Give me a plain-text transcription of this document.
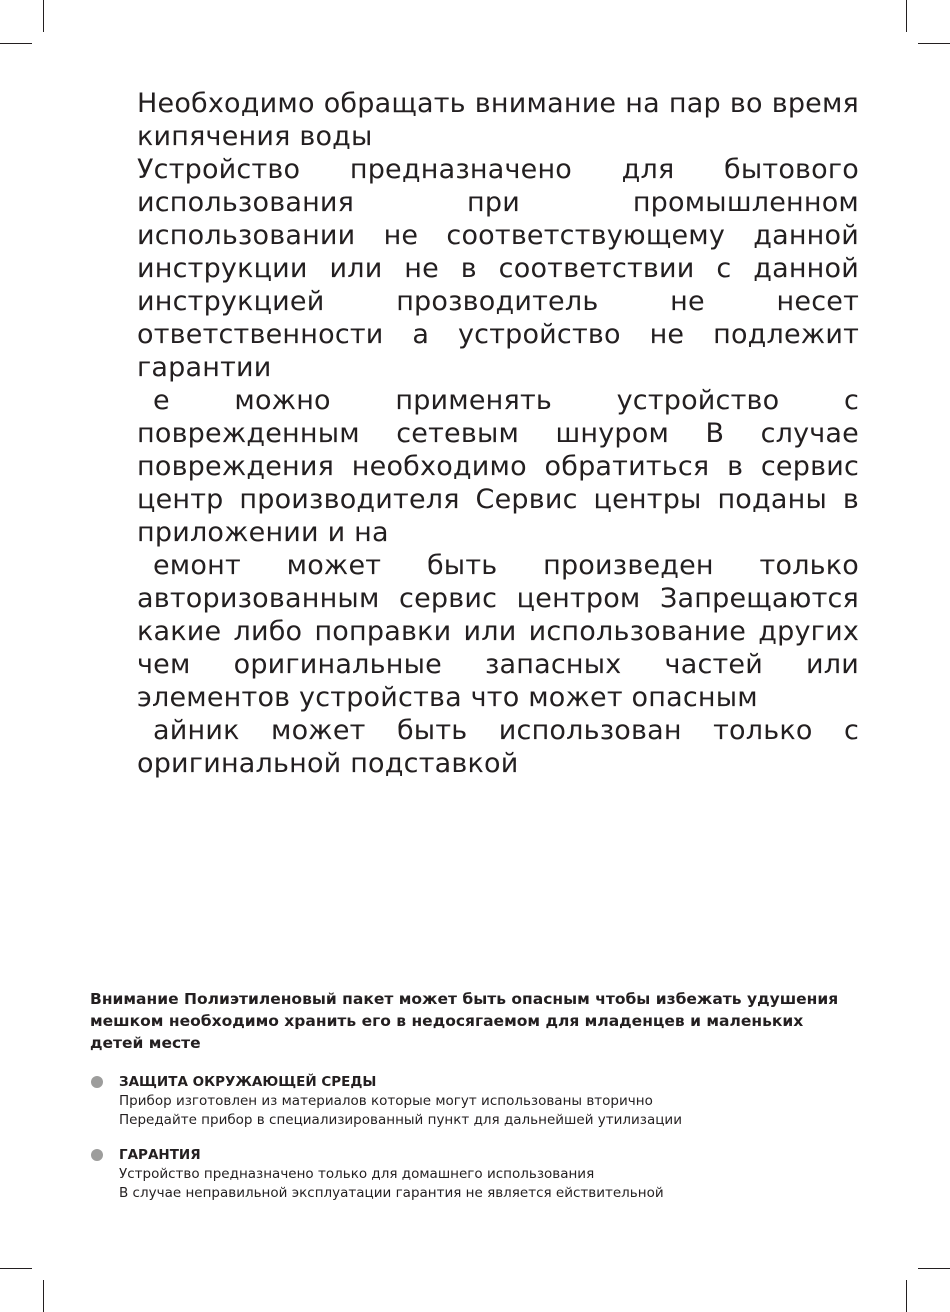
Необходимо обращать внимание на пар во время кипячения воды

Устройство предназначено для бытового использования при промышленном использовании не соответствующему данной инструкции или не в соответствии с данной инструкцией прозводитель не несет ответственности а устройство не подлежит гарантии

е можно применять устройство с поврежденным сетевым шнуром В случае повреждения необходимо обратиться в сервис центр производителя Сервис центры поданы в приложении и на

емонт может быть произведен только авторизованным сервис центром Запрещаются какие либо поправки или использование других чем оригинальные запасных частей или элементов устройства что может опасным

айник может быть использован только с оригинальной подставкой

Внимание Полиэтиленовый пакет может быть опасным чтобы избежать удушения мешком необходимо хранить его в недосягаемом для младенцев и маленьких детей месте

ЗАЩИТА ОКРУЖАЮЩЕЙ СРЕДЫ
Прибор изготовлен из материалов которые могут использованы вторично
Передайте прибор в специализированный пункт для дальнейшей утилизации
ГАРАНТИЯ
Устройство предназначено только для домашнего использования
В случае неправильной эксплуатации гарантия не является ействительной
